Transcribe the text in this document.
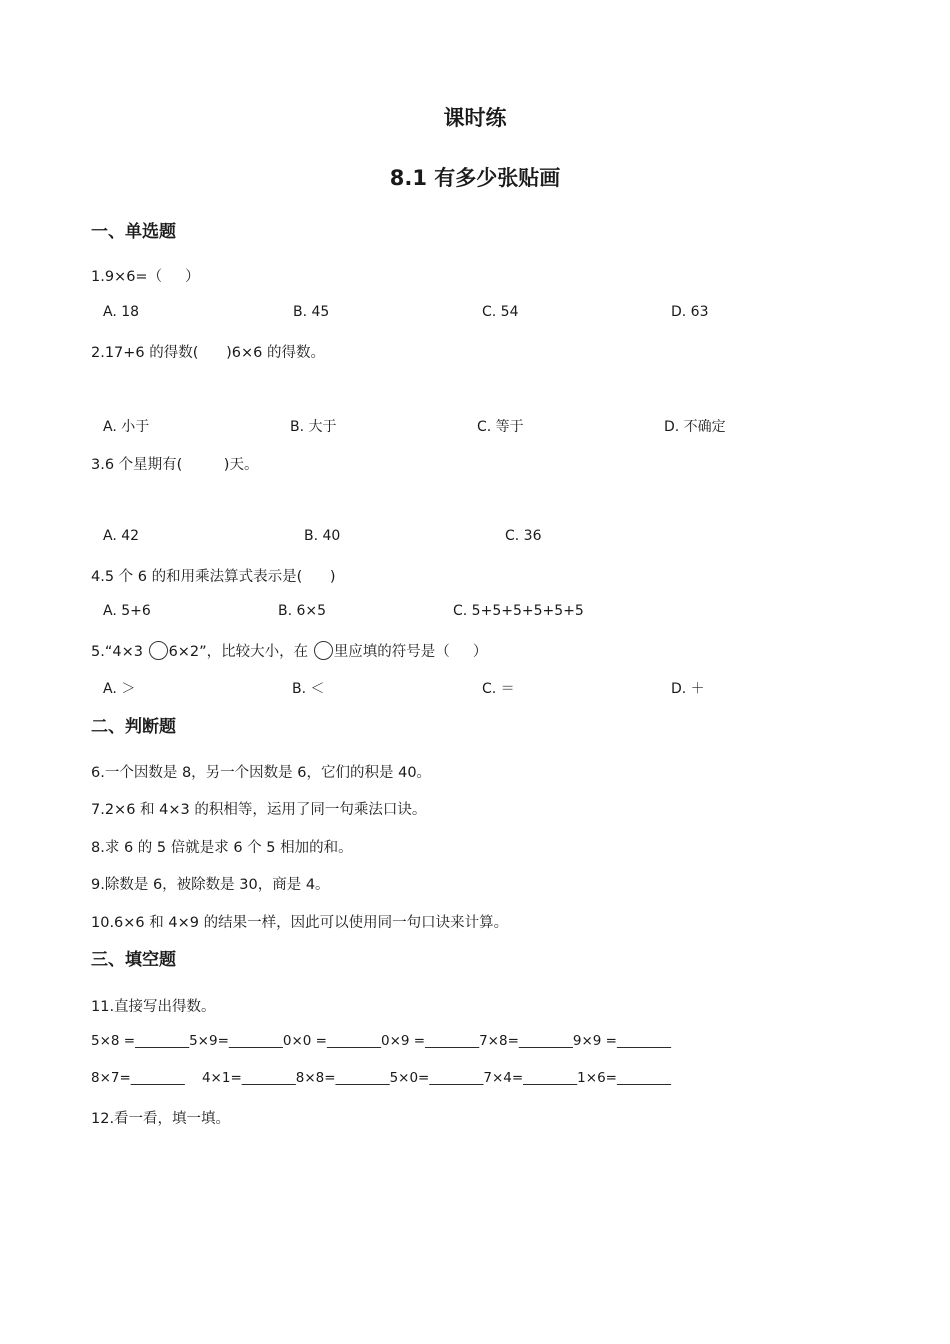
课时练
8.1 有多少张贴画
一、单选题
1.9×6=（     ）
A. 18	B. 45	C. 54	D. 63
2.17+6 的得数(      )6×6 的得数。
A. 小于	B. 大于	C. 等于	D. 不确定
3.6 个星期有(         )天。
A. 42	B. 40	C. 36
4.5 个 6 的和用乘法算式表示是(      )
A. 5+6	B. 6×5	C. 5+5+5+5+5+5
5.“4×3 6×2”，比较大小，在 里应填的符号是（     ）
A. ＞	B. ＜	C. ＝	D. ＋
二、判断题
6.一个因数是 8，另一个因数是 6，它们的积是 40。
7.2×6 和 4×3 的积相等，运用了同一句乘法口诀。
8.求 6 的 5 倍就是求 6 个 5 相加的和。
9.除数是 6，被除数是 30，商是 4。
10.6×6 和 4×9 的结果一样，因此可以使用同一句口诀来计算。
三、填空题
11.直接写出得数。
5×8 =________5×9=________0×0 =________0×9 =________7×8=________9×9 =________
8×7=________    4×1=________8×8=________5×0=________7×4=________1×6=________
12.看一看，填一填。
